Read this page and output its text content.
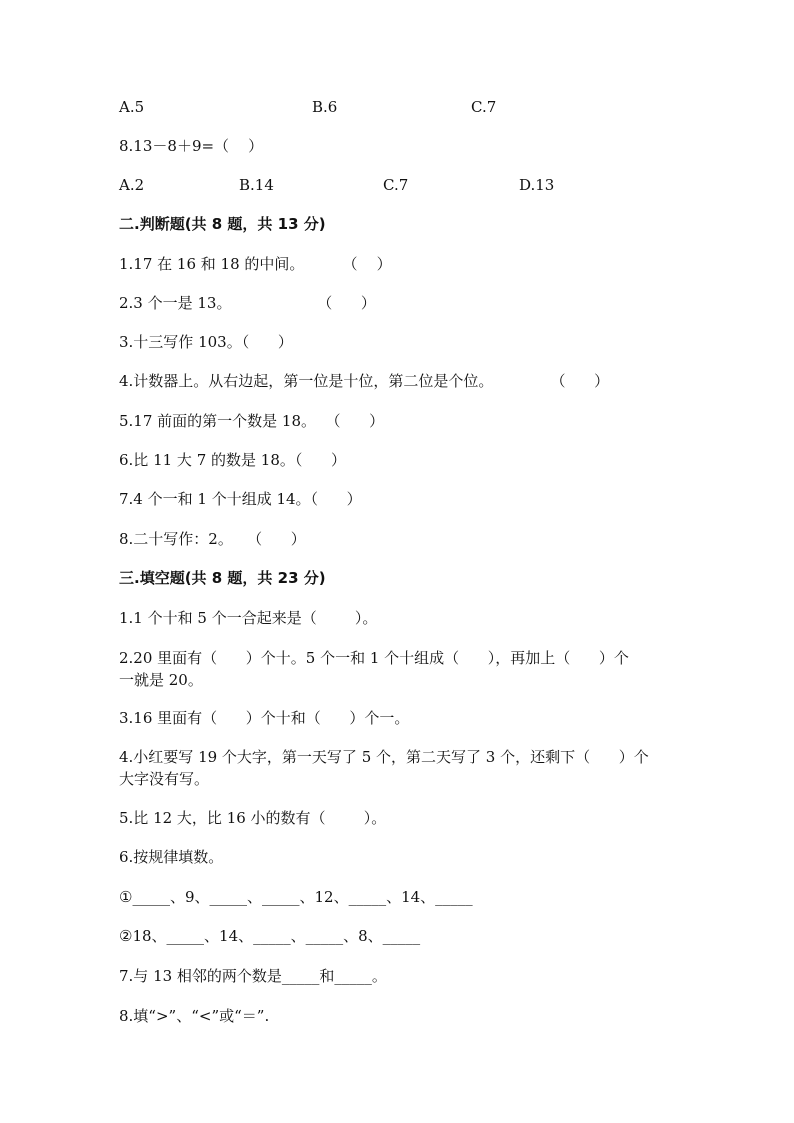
A.5	B.6	C.7
8.13－8＋9=（    ）
A.2	B.14	C.7	D.13
二.判断题(共 8 题，共 13 分)
1.17 在 16 和 18 的中间。        （    ）
2.3 个一是 13。                  （      ）
3.十三写作 103。（      ）
4.计数器上。从右边起，第一位是十位，第二位是个位。            （      ）
5.17 前面的第一个数是 18。  （      ）
6.比 11 大 7 的数是 18。（      ）
7.4 个一和 1 个十组成 14。（      ）
8.二十写作：2。   （      ）
三.填空题(共 8 题，共 23 分)
1.1 个十和 5 个一合起来是（        ）。
2.20 里面有（      ）个十。5 个一和 1 个十组成（      ），再加上（      ）个
一就是 20。
3.16 里面有（      ）个十和（      ）个一。
4.小红要写 19 个大字，第一天写了 5 个，第二天写了 3 个，还剩下（      ）个
大字没有写。
5.比 12 大，比 16 小的数有（        ）。
6.按规律填数。
①_____、9、_____、_____、12、_____、14、_____
②18、_____、14、_____、_____、8、_____
7.与 13 相邻的两个数是_____和_____。
8.填“>”、“<”或“＝”.
